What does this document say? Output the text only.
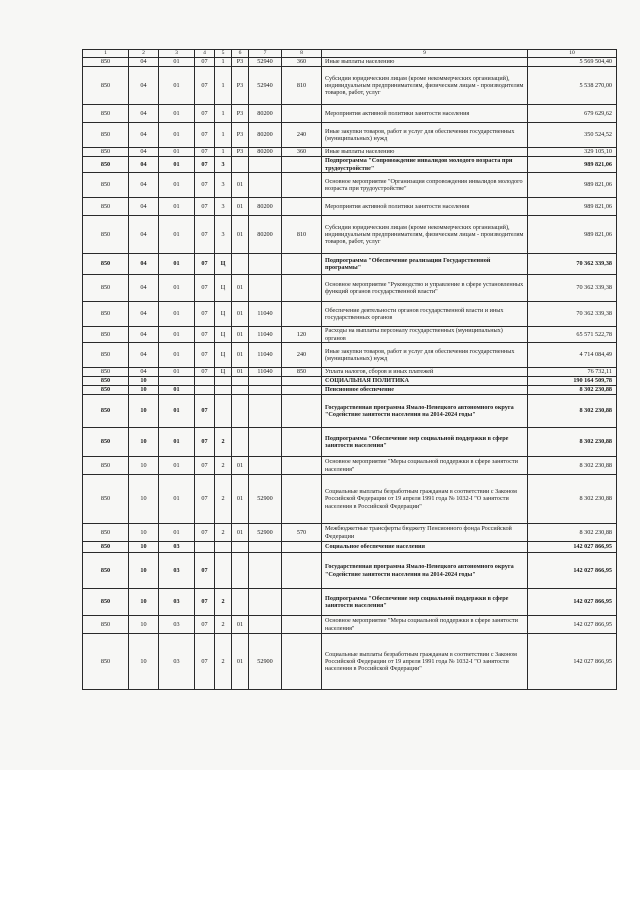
1	2	3	4	5	6	7	8	9	10
850	04	01	07	1	Р3	52940	360	Иные выплаты населению	5 569 504,40
850	04	01	07	1	Р3	52940	810	Субсидии юридическим лицам (кроме некоммерческих организаций), индивидуальным предпринимателям, физическим лицам - производителям товаров, работ, услуг	5 538 270,00
850	04	01	07	1	Р3	80200		Мероприятия активной политики занятости населения	679 629,62
850	04	01	07	1	Р3	80200	240	Иные закупки товаров, работ и услуг для обеспечения государственных (муниципальных) нужд	350 524,52
850	04	01	07	1	Р3	80200	360	Иные выплаты населению	329 105,10
850	04	01	07	3				Подпрограмма "Сопровождение инвалидов молодого возраста при трудоустройстве"	989 821,06
850	04	01	07	3	01			Основное мероприятие "Организация сопровождения инвалидов молодого возраста при трудоустройстве"	989 821,06
850	04	01	07	3	01	80200		Мероприятия активной политики занятости населения	989 821,06
850	04	01	07	3	01	80200	810	Субсидии юридическим лицам (кроме некоммерческих организаций), индивидуальным предпринимателям, физическим лицам - производителям товаров, работ, услуг	989 821,06
850	04	01	07	Ц				Подпрограмма "Обеспечение реализации Государственной программы"	70 362 339,38
850	04	01	07	Ц	01			Основное мероприятие "Руководство и управление в сфере установленных функций органов государственной власти"	70 362 339,38
850	04	01	07	Ц	01	11040		Обеспечение деятельности органов государственной власти и иных государственных органов	70 362 339,38
850	04	01	07	Ц	01	11040	120	Расходы на выплаты персоналу государственных (муниципальных) органов	65 571 522,78
850	04	01	07	Ц	01	11040	240	Иные закупки товаров, работ и услуг для обеспечения государственных (муниципальных) нужд	4 714 084,49
850	04	01	07	Ц	01	11040	850	Уплата налогов, сборов и иных платежей	76 732,11
850	10							СОЦИАЛЬНАЯ ПОЛИТИКА	190 164 509,78
850	10	01						Пенсионное обеспечение	8 302 230,88
850	10	01	07					Государственная программа Ямало-Ненецкого автономного округа "Содействие занятости населения на 2014-2024 годы"	8 302 230,88
850	10	01	07	2				Подпрограмма "Обеспечение мер социальной поддержки в сфере занятости населения"	8 302 230,88
850	10	01	07	2	01			Основное мероприятие "Меры социальной поддержки в сфере занятости населения"	8 302 230,88
850	10	01	07	2	01	52900		Социальные выплаты безработным гражданам в соответствии с Законом Российской Федерации от 19 апреля 1991 года № 1032-I "О занятости населения в Российской Федерации"	8 302 230,88
850	10	01	07	2	01	52900	570	Межбюджетные трансферты бюджету Пенсионного фонда Российской Федерации	8 302 230,88
850	10	03						Социальное обеспечение населения	142 027 866,95
850	10	03	07					Государственная программа Ямало-Ненецкого автономного округа "Содействие занятости населения на 2014-2024 годы"	142 027 866,95
850	10	03	07	2				Подпрограмма "Обеспечение мер социальной поддержки в сфере занятости населения"	142 027 866,95
850	10	03	07	2	01			Основное мероприятие "Меры социальной поддержки в сфере занятости населения"	142 027 866,95
850	10	03	07	2	01	52900		Социальные выплаты безработным гражданам в соответствии с Законом Российской Федерации от 19 апреля 1991 года № 1032-I "О занятости населения в Российской Федерации"	142 027 866,95
